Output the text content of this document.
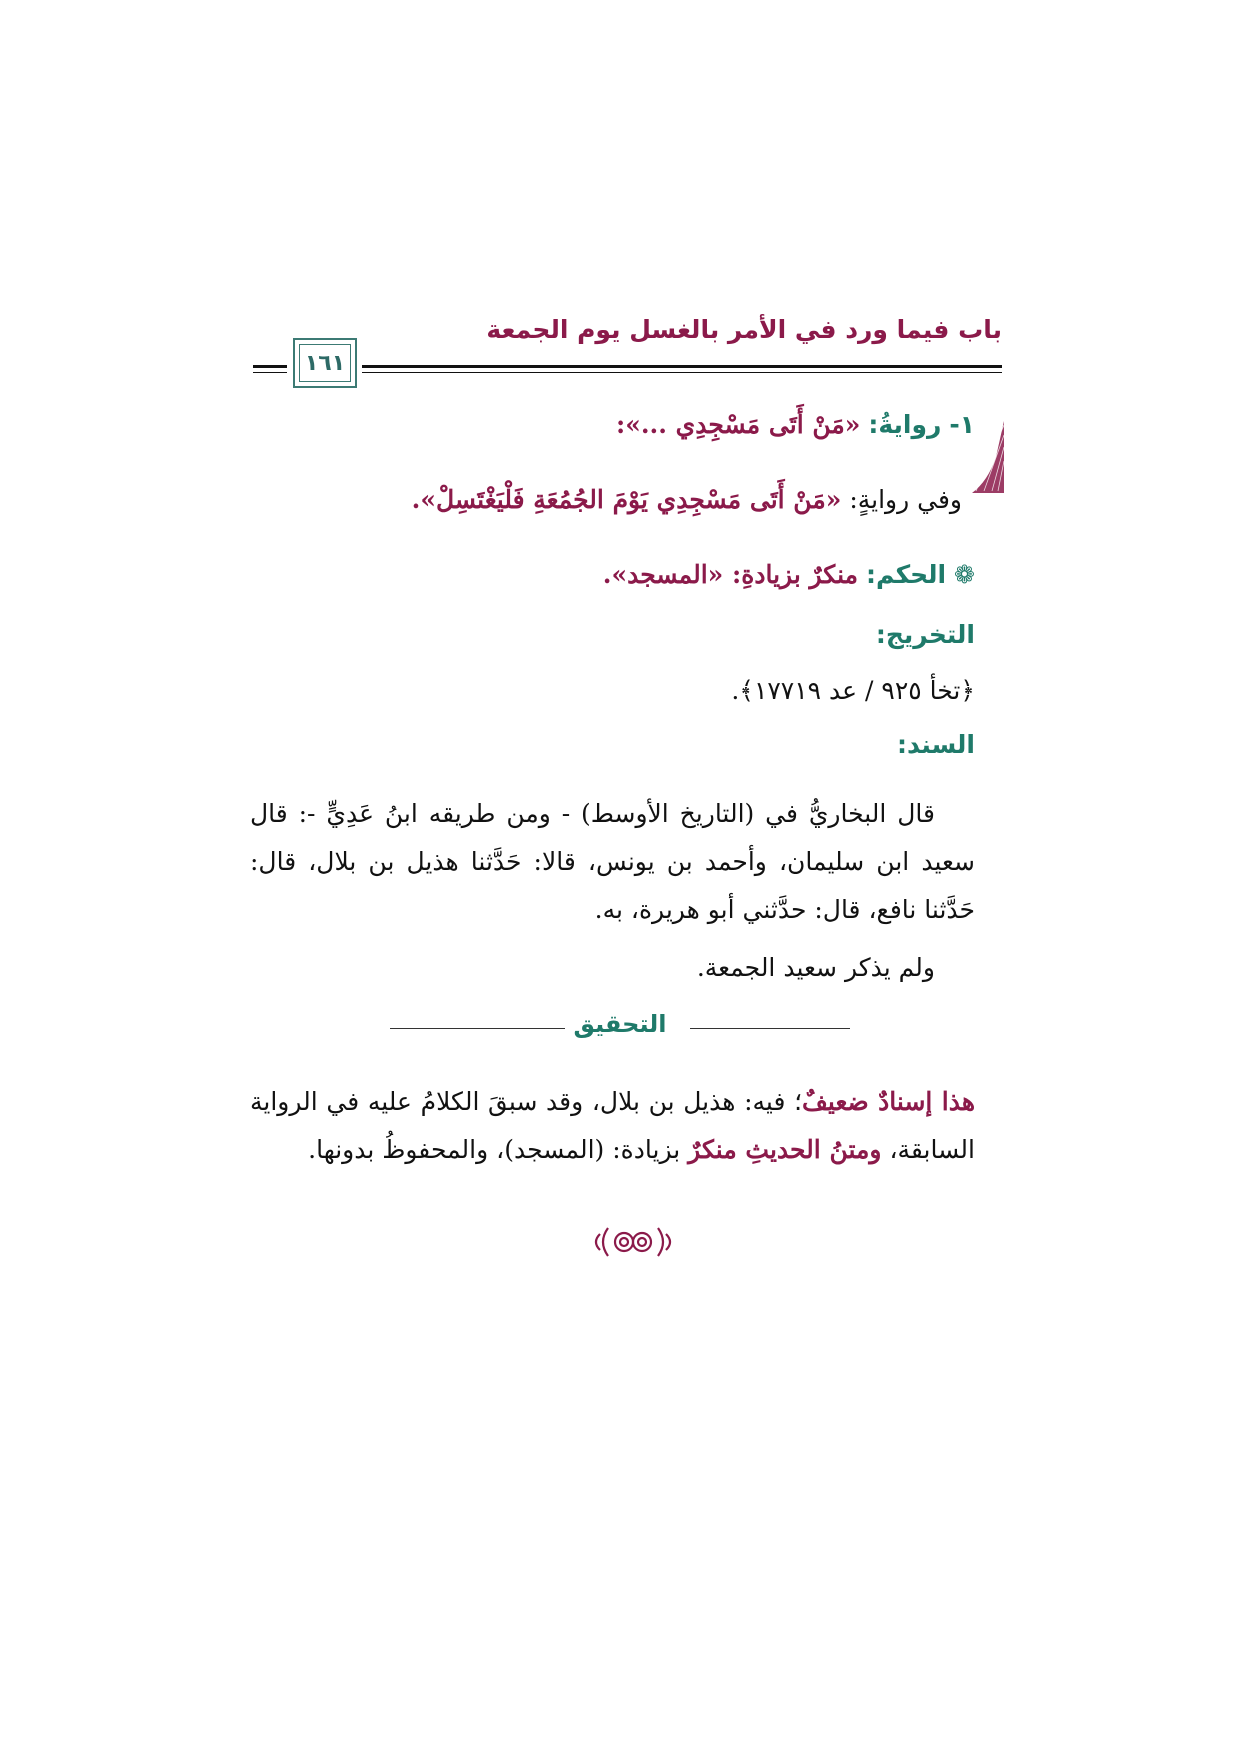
باب فيما ورد في الأمر بالغسل يوم الجمعة
١٦١
١- روايةُ: «مَنْ أَتَى مَسْجِدِي ...»:
وفي روايةٍ: «مَنْ أَتَى مَسْجِدِي يَوْمَ الجُمُعَةِ فَلْيَغْتَسِلْ».
❁ الحكم: منكرٌ بزيادةِ: «المسجد».
التخريج:
﴿تخأ ٩٢٥ / عد ١٧٧١٩﴾.
السند:
قال البخاريُّ في (التاريخ الأوسط) - ومن طريقه ابنُ عَدِيٍّ -: قال سعيد ابن سليمان، وأحمد بن يونس، قالا: حَدَّثنا هذيل بن بلال، قال: حَدَّثنا نافع، قال: حدَّثني أبو هريرة، به.
ولم يذكر سعيد الجمعة.
التحقيق
هذا إسنادٌ ضعيفٌ؛ فيه: هذيل بن بلال، وقد سبقَ الكلامُ عليه في الرواية السابقة، ومتنُ الحديثِ منكرٌ بزيادة: (المسجد)، والمحفوظُ بدونها.
